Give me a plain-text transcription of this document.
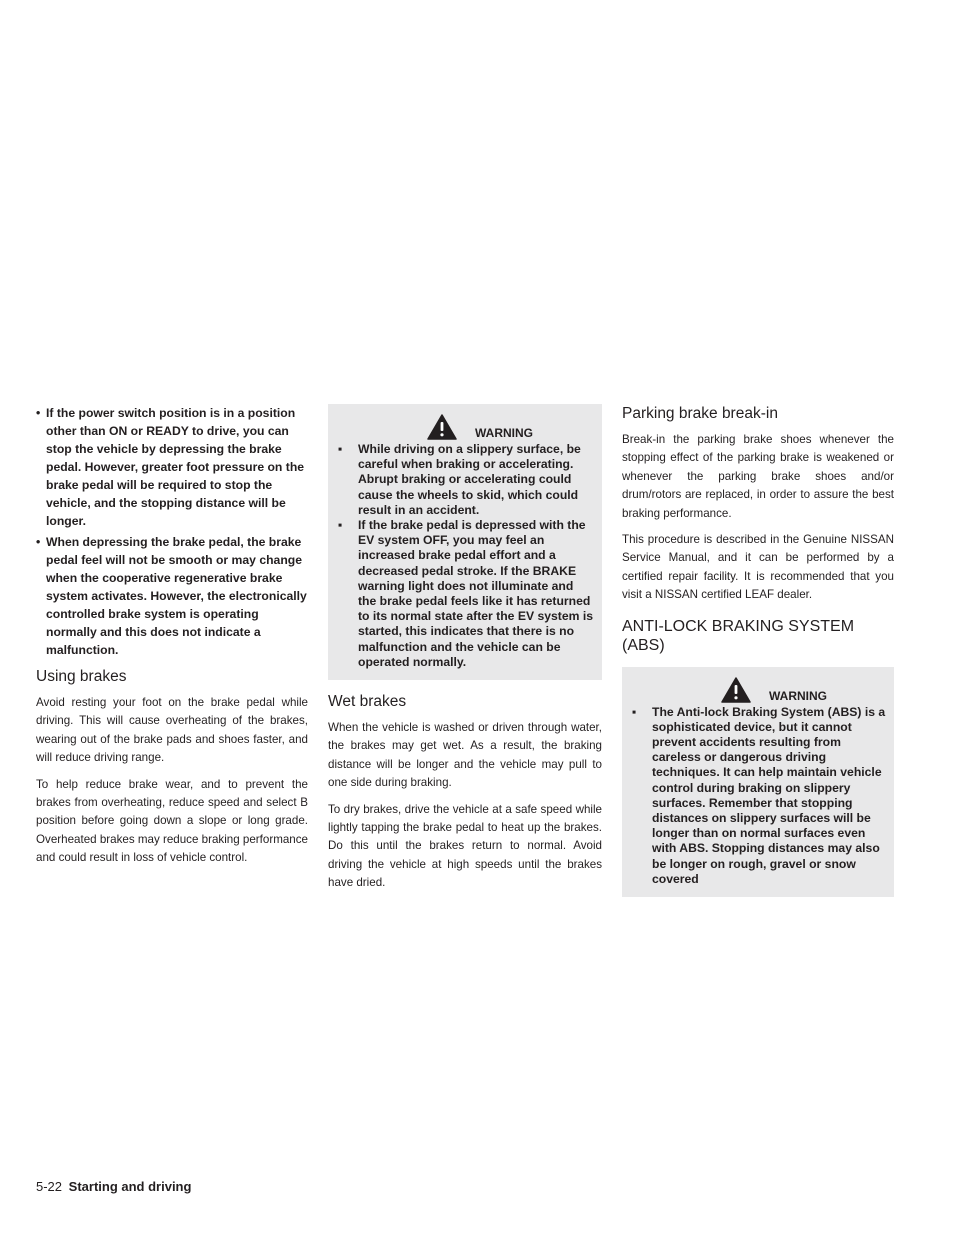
• If the power switch position is in a position other than ON or READY to drive, you can stop the vehicle by depressing the brake pedal. However, greater foot pressure on the brake pedal will be required to stop the vehicle, and the stopping distance will be longer.
• When depressing the brake pedal, the brake pedal feel will not be smooth or may change when the cooperative regenerative brake system activates. However, the electronically controlled brake system is operating normally and this does not indicate a malfunction.
Using brakes

Avoid resting your foot on the brake pedal while driving. This will cause overheating of the brakes, wearing out of the brake pads and shoes faster, and will reduce driving range.

To help reduce brake wear, and to prevent the brakes from overheating, reduce speed and select B position before going down a slope or long grade. Overheated brakes may reduce braking performance and could result in loss of vehicle control.

WARNING
▪ While driving on a slippery surface, be careful when braking or accelerating. Abrupt braking or accelerating could cause the wheels to skid, which could result in an accident.
▪ If the brake pedal is depressed with the EV system OFF, you may feel an increased brake pedal effort and a decreased pedal stroke. If the BRAKE warning light does not illuminate and the brake pedal feels like it has returned to its normal state after the EV system is started, this indicates that there is no malfunction and the vehicle can be operated normally.
Wet brakes

When the vehicle is washed or driven through water, the brakes may get wet. As a result, the braking distance will be longer and the vehicle may pull to one side during braking.

To dry brakes, drive the vehicle at a safe speed while lightly tapping the brake pedal to heat up the brakes. Do this until the brakes return to normal. Avoid driving the vehicle at high speeds until the brakes have dried.

Parking brake break-in

Break-in the parking brake shoes whenever the stopping effect of the parking brake is weakened or whenever the parking brake shoes and/or drum/rotors are replaced, in order to assure the best braking performance.

This procedure is described in the Genuine NISSAN Service Manual, and it can be performed by a certified repair facility. It is recommended that you visit a NISSAN certified LEAF dealer.

ANTI-LOCK BRAKING SYSTEM (ABS)
WARNING
▪ The Anti-lock Braking System (ABS) is a sophisticated device, but it cannot prevent accidents resulting from careless or dangerous driving techniques. It can help maintain vehicle control during braking on slippery surfaces. Remember that stopping distances on slippery surfaces will be longer than on normal surfaces even with ABS. Stopping distances may also be longer on rough, gravel or snow covered
5-22 Starting and driving
